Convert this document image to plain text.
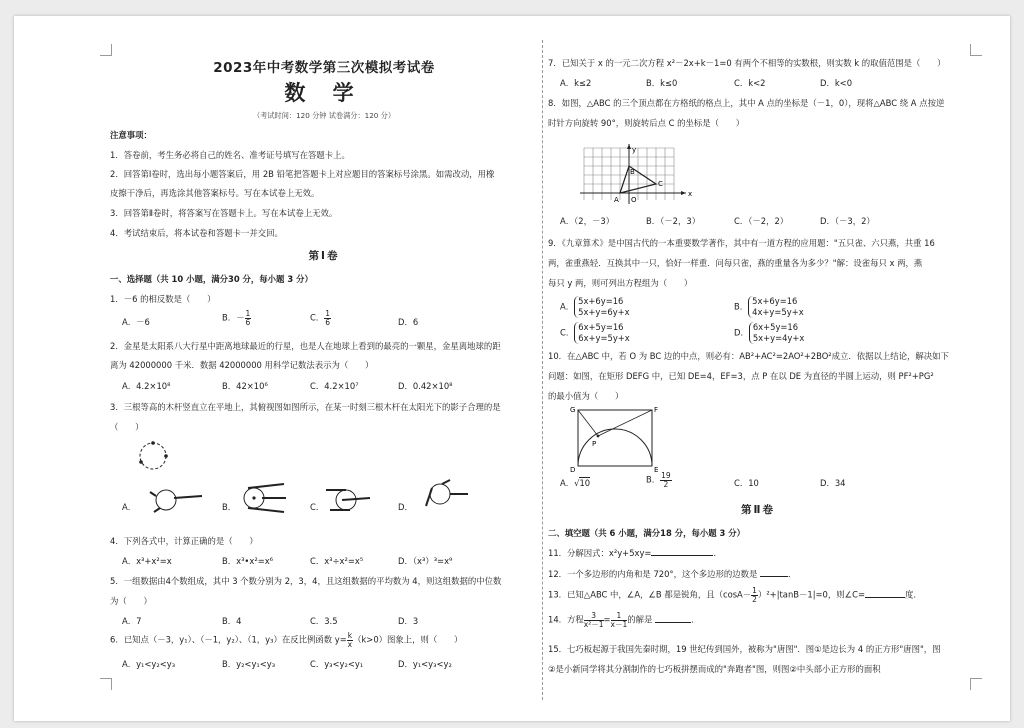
2023年中考数学第三次模拟考试卷
数 学
（考试时间：120 分钟 试卷满分：120 分）
注意事项：
1．答卷前，考生务必将自己的姓名、准考证号填写在答题卡上。
2．回答第Ⅰ卷时，选出每小题答案后，用 2B 铅笔把答题卡上对应题目的答案标号涂黑。如需改动，用橡
皮擦干净后，再选涂其他答案标号。写在本试卷上无效。
3．回答第Ⅱ卷时，将答案写在答题卡上。写在本试卷上无效。
4．考试结束后，将本试卷和答题卡一并交回。
第Ⅰ卷
一、选择题（共 10 小题，满分30 分，每小题 3 分）
1．－6 的相反数是（　　）
A．－6	B．－ $\frac{1}{6}$	C． $\frac{1}{6}$	D．6
2．金星是太阳系八大行星中距离地球最近的行星，也是人在地球上看到的最亮的一颗星，金星离地球的距
离为 42000000 千米．数据 42000000 用科学记数法表示为（　　）
A．4.2×10⁸	B．42×10⁶	C．4.2×10⁷	D．0.42×10⁸
3．三根等高的木杆竖直立在平地上，其俯视图如图所示，在某一时刻三根木杆在太阳光下的影子合理的是
（　　）
A．	B．	C．	D．
4．下列各式中，计算正确的是（　　）
A．x³+x²=x	B．x³•x²=x⁶	C．x³÷x²=x⁵	D．（x³）³=x⁹
5．一组数据由4个数组成，其中 3 个数分别为 2，3，4，且这组数据的平均数为 4，则这组数据的中位数
为（　　）
A．7	B．4	C．3.5	D．3
6．已知点（－3，y₁）、（－1，y₂）、（1，y₃）在反比例函数 $y= \frac{k}{x} (k>0)$图象上，则（　　）
A．y₁<y₂<y₃	B．y₂<y₁<y₃	C．y₃<y₂<y₁	D．y₁<y₃<y₂
7．已知关于 x 的一元二次方程 x²－2x+k－1=0 有两个不相等的实数根，则实数 k 的取值范围是（　　）
A．k≤2	B．k≤0	C．k<2	D．k<0
8．如图，△ABC 的三个顶点都在方格纸的格点上，其中 A 点的坐标是（－1，0），现将△ABC 绕 A 点按逆
时针方向旋转 90°，则旋转后点 C 的坐标是（　　）
B
C
A O
x
y
A．（2，－3）	B．（－2，3）	C．（－2，2）	D．（－3，2）
9．《九章算术》是中国古代的一本重要数学著作，其中有一道方程的应用题："五只雀、六只燕，共重 16
两，雀重燕轻．互换其中一只，恰好一样重．问每只雀，燕的重量各为多少？"解：设雀每只 x 两，燕
每只 y 两，则可列出方程组为（　　）
A．5x+6y=16
5x+y=6y+x
B．5x+6y=16
4x+y=5y+x
C．6x+5y=16
6x+y=5y+x
D．6x+5y=16
5x+y=4y+x
10．在△ABC 中，若 O 为 BC 边的中点，则必有：AB²+AC²=2AO²+2BO²成立．依据以上结论，解决如下
问题：如图，在矩形 DEFG 中，已知 DE=4，EF=3，点 P 在以 DE 为直径的半圆上运动，则 PF²+PG²
的最小值为（　　）
G	F
P
D	E
A．√10	B． $\frac{19}{2}$	C．10	D．34
第Ⅱ卷
二、填空题（共 6 小题，满分18 分，每小题 3 分）
11．分解因式：x²y+5xy=	．
12．一个多边形的内角和是 720°，这个多边形的边数是	．
13．已知△ABC 中，∠A，∠B 都是锐角，且$(\cos A- \frac{1}{2} )^2+|\tan B-1|=0$，则∠C=	度．
14．方程 $\frac{3}{\text{x²－1}} = \frac{1}{x-1}$ 的解是	．
15．七巧板起源于我国先秦时期，19 世纪传到国外，被称为"唐图"．图①是边长为 4 的正方形"唐图"，图
②是小新同学将其分割制作的七巧板拼摆而成的"奔跑者"图，则图②中头部小正方形的面积
